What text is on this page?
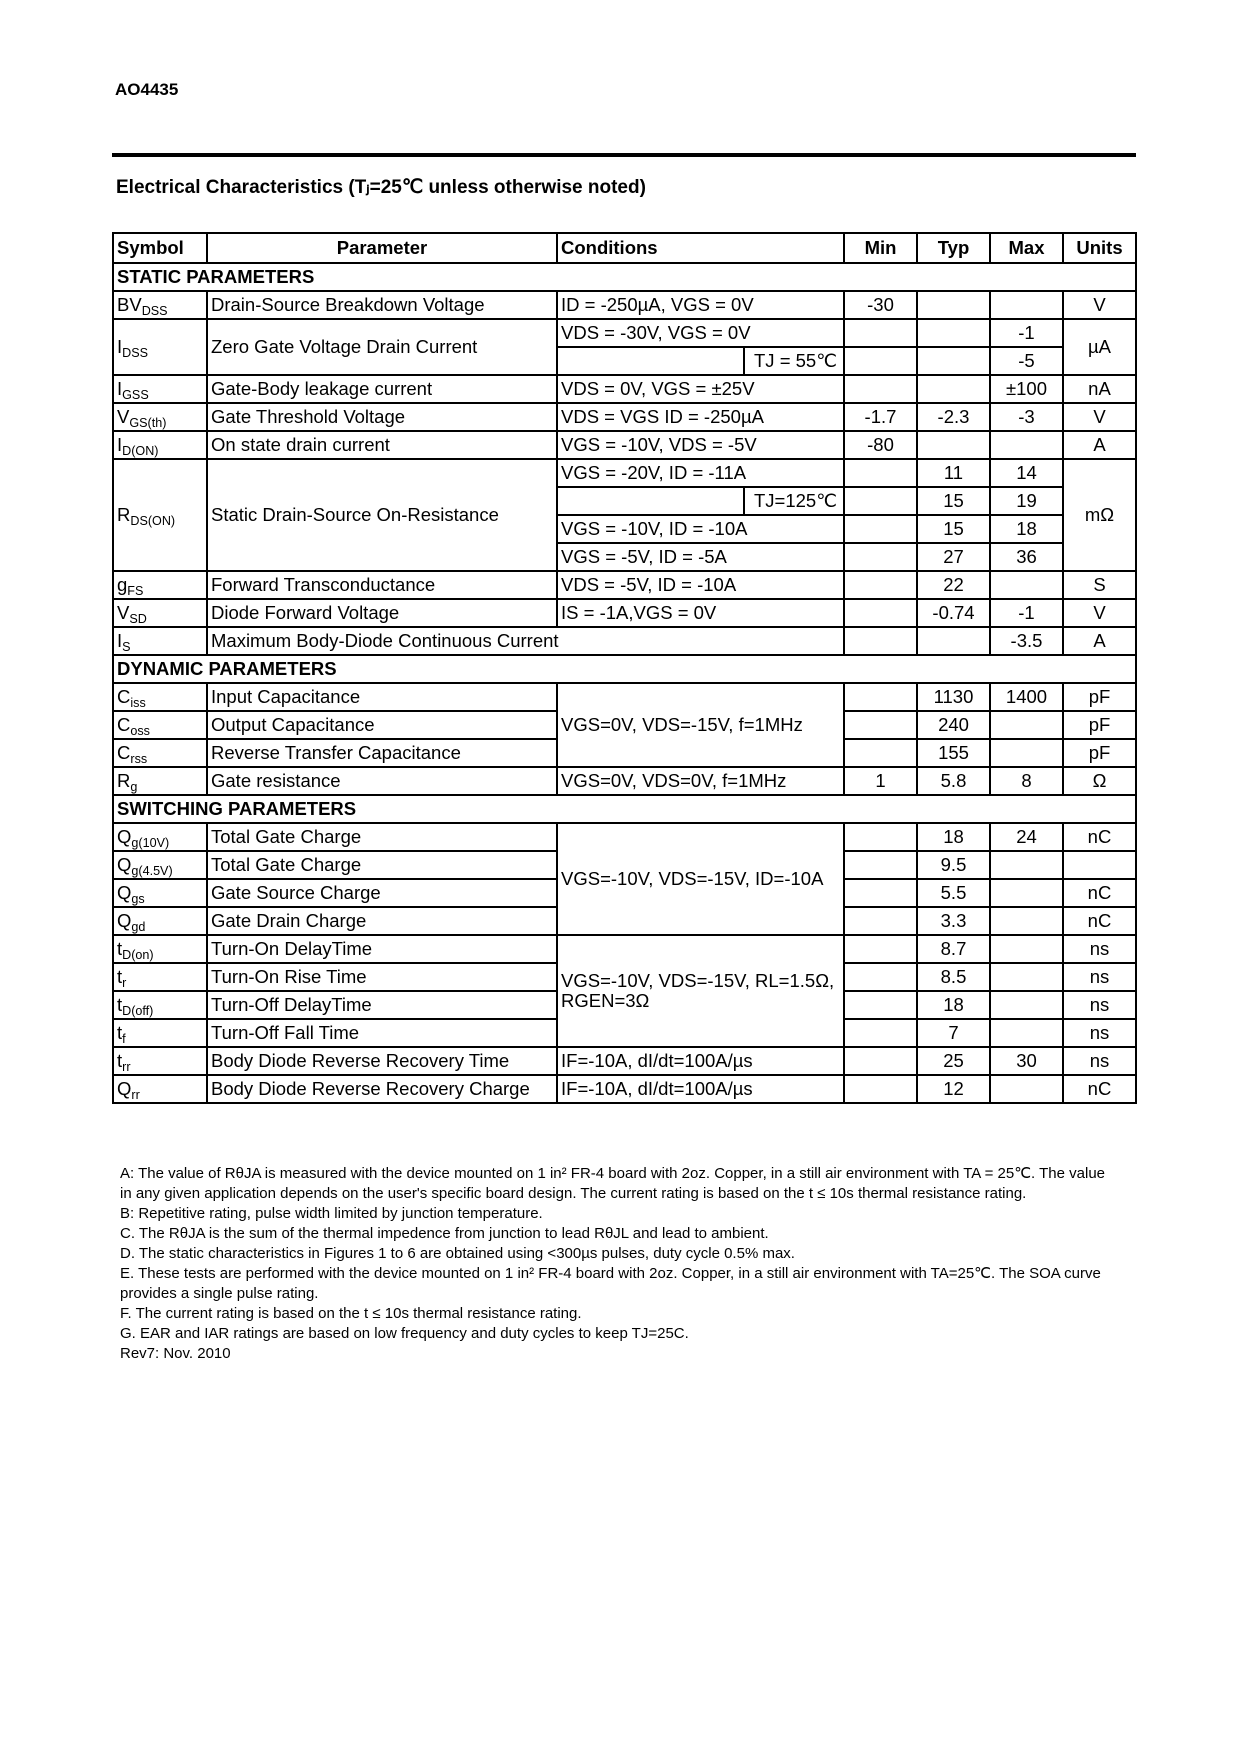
AO4435
Electrical Characteristics (Tⱼ=25℃ unless otherwise noted)
Symbol	Parameter	Conditions		Min	Typ	Max	Units
STATIC PARAMETERS							
$BV_{DSS}$	Drain-Source Breakdown Voltage	ID = -250µA, VGS = 0V		-30			V
$I_{DSS}$	Zero Gate Voltage Drain Current	VDS = -30V, VGS = 0V				-1	µA
			TJ = 55℃			-5	
$I_{GSS}$	Gate-Body leakage current	VDS = 0V, VGS = ±25V				±100	nA
$V_{GS(th)}$	Gate Threshold Voltage	VDS = VGS ID = -250µA		-1.7	-2.3	-3	V
$I_{D(ON)}$	On state drain current	VGS = -10V, VDS = -5V		-80			A
$R_{DS(ON)}$	Static Drain-Source On-Resistance	VGS = -20V, ID = -11A			11	14	mΩ
			TJ=125℃		15	19	
		VGS = -10V, ID = -10A			15	18	
		VGS = -5V, ID = -5A			27	36	
$g_{FS}$	Forward Transconductance	VDS = -5V, ID = -10A			22		S
$V_{SD}$	Diode Forward Voltage	IS = -1A,VGS = 0V			-0.74	-1	V
$I_S$	Maximum Body-Diode Continuous Current					-3.5	A
DYNAMIC PARAMETERS							
$C_{iss}$	Input Capacitance	VGS=0V, VDS=-15V, f=1MHz			1130	1400	pF
$C_{oss}$	Output Capacitance				240		pF
$C_{rss}$	Reverse Transfer Capacitance				155		pF
$R_g$	Gate resistance	VGS=0V, VDS=0V, f=1MHz		1	5.8	8	Ω
SWITCHING PARAMETERS							
$Q_{g(10V)}$	Total Gate Charge	VGS=-10V, VDS=-15V, ID=-10A			18	24	nC
$Q_{g(4.5V)}$	Total Gate Charge				9.5		
$Q_{gs}$	Gate Source Charge				5.5		nC
$Q_{gd}$	Gate Drain Charge				3.3		nC
$t_{D(on)}$	Turn-On DelayTime	VGS=-10V, VDS=-15V, RL=1.5Ω,
RGEN=3Ω			8.7		ns
$t_r$	Turn-On Rise Time				8.5		ns
$t_{D(off)}$	Turn-Off DelayTime				18		ns
$t_f$	Turn-Off Fall Time				7		ns
$t_{rr}$	Body Diode Reverse Recovery Time	IF=-10A, dI/dt=100A/µs			25	30	ns
$Q_{rr}$	Body Diode Reverse Recovery Charge	IF=-10A, dI/dt=100A/µs			12		nC

A: The value of RθJA is measured with the device mounted on 1 in² FR-4 board with 2oz. Copper, in a still air environment with TA = 25℃. The value in any given application depends on the user's specific board design. The current rating is based on the t ≤ 10s thermal resistance rating.

B: Repetitive rating, pulse width limited by junction temperature.

C. The RθJA is the sum of the thermal impedence from junction to lead RθJL and lead to ambient.

D. The static characteristics in Figures 1 to 6 are obtained using <300µs pulses, duty cycle 0.5% max.

E. These tests are performed with the device mounted on 1 in² FR-4 board with 2oz. Copper, in a still air environment with TA=25℃. The SOA curve provides a single pulse rating.

F. The current rating is based on the t ≤ 10s thermal resistance rating.

G. EAR and IAR ratings are based on low frequency and duty cycles to keep TJ=25C.

Rev7: Nov. 2010
